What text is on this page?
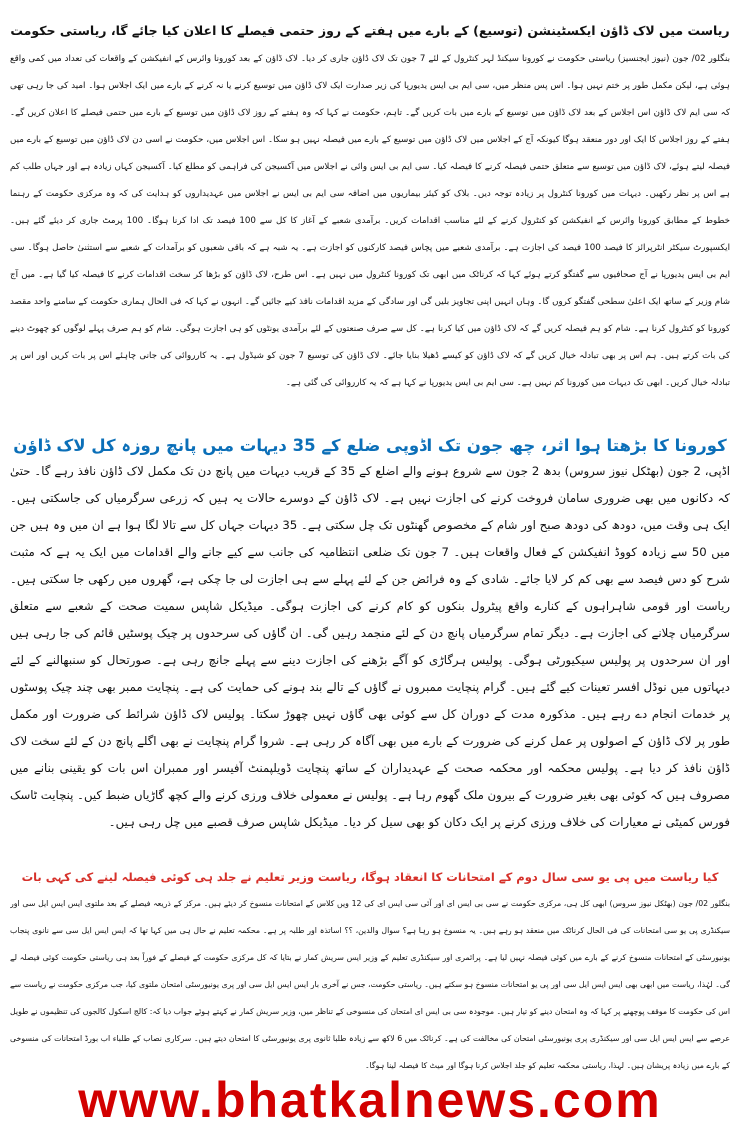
ریاست میں لاک ڈاؤن ایکسٹینشن (توسیع) کے بارے میں ہفتے کے روز حتمی فیصلے کا اعلان کیا جائے گا، ریاستی حکومت

بنگلور 02/ جون (نیوز ایجنسیز) ریاستی حکومت نے کورونا سیکنڈ لہر کنٹرول کے لئے 7 جون تک لاک ڈاؤن جاری کر دیا۔ لاک ڈاؤن کے بعد کورونا وائرس کے انفیکشن کے واقعات کی تعداد میں کمی واقع ہوئی ہے، لیکن مکمل طور پر ختم نہیں ہوا۔ اس پس منظر میں، سی ایم بی ایس یدیورپا کی زیر صدارت ایک لاک ڈاؤن میں توسیع کرنے یا نہ کرنے کے بارے میں ایک اجلاس ہوا۔ امید کی جا رہی تھی کہ سی ایم لاک ڈاؤن اس اجلاس کے بعد لاک ڈاؤن میں توسیع کے بارے میں بات کریں گے۔ تاہم، حکومت نے کہا کہ وہ ہفتے کے روز لاک ڈاؤن میں توسیع کے بارے میں حتمی فیصلے کا اعلان کریں گے۔ ہفتے کے روز اجلاس کا ایک اور دور منعقد ہوگا کیونکہ آج کے اجلاس میں لاک ڈاؤن میں توسیع کے بارے میں فیصلہ نہیں ہو سکا۔ اس اجلاس میں، حکومت نے اسی دن لاک ڈاؤن میں توسیع کے بارے میں فیصلہ لیتے ہوئے، لاک ڈاؤن میں توسیع سے متعلق حتمی فیصلہ کرنے کا فیصلہ کیا۔ سی ایم بی ایس وائی نے اجلاس میں آکسیجن کی فراہمی کو مطلع کیا۔ آکسیجن کہاں زیادہ ہے اور جہاں طلب کم ہے اس پر نظر رکھیں۔ دیہات میں کورونا کنٹرول پر زیادہ توجہ دیں۔ بلاک کو کیئر بیماریوں میں اضافہ سی ایم بی ایس نے اجلاس میں عہدیداروں کو ہدایت کی کہ وہ مرکزی حکومت کے رہنما خطوط کے مطابق کورونا وائرس کے انفیکشن کو کنٹرول کرنے کے لئے مناسب اقدامات کریں۔ برآمدی شعبے کے آغاز کا کل سے 100 فیصد تک ادا کرنا ہوگا۔ 100 پرمٹ جاری کر دیئے گئے ہیں۔ ایکسپورٹ سیکٹر انٹرپرائز کا فیصد 100 فیصد کی اجازت ہے۔ برآمدی شعبے میں پچاس فیصد کارکنوں کو اجازت ہے۔ یہ شبہ ہے کہ باقی شعبوں کو برآمدات کے شعبے سے استثنیٰ حاصل ہوگا۔ سی ایم بی ایس یدیورپا نے آج صحافیوں سے گفتگو کرتے ہوئے کہا کہ کرناٹک میں ابھی تک کورونا کنٹرول میں نہیں ہے۔ اس طرح، لاک ڈاؤن کو بڑھا کر سخت اقدامات کرنے کا فیصلہ کیا گیا ہے۔ میں آج شام وزیر کے ساتھ ایک اعلیٰ سطحی گفتگو کروں گا۔ وہاں انہیں اپنی تجاویز بلیں گی اور سادگی کے مزید اقدامات نافذ کیے جائیں گے۔ انہوں نے کہا کہ فی الحال ہماری حکومت کے سامنے واحد مقصد کورونا کو کنٹرول کرنا ہے۔ شام کو ہم فیصلہ کریں گے کہ لاک ڈاؤن میں کیا کرنا ہے۔ کل سے صرف صنعتوں کے لئے برآمدی یونٹوں کو ہی اجازت ہوگی۔ شام کو ہم صرف پہلے لوگوں کو چھوٹ دینے کی بات کرتے ہیں۔ ہم اس پر بھی تبادلہ خیال کریں گے کہ لاک ڈاؤن کو کیسے ڈھیلا بنایا جائے۔ لاک ڈاؤن کی توسیع 7 جون کو شیڈول ہے۔ یہ کارروائی کی جانی چاہئے اس پر بات کریں اور اس پر تبادلہ خیال کریں۔ ابھی تک دیہات میں کورونا کم نہیں ہے۔ سی ایم بی ایس یدیورپا نے کہا ہے کہ یہ کارروائی کی گئی ہے۔

کورونا کا بڑھتا ہوا اثر، چھ جون تک اڈوپی ضلع کے 35 دیہات میں پانچ روزہ کل لاک ڈاؤن

اڈپی، 2 جون (بھٹکل نیوز سروس) بدھ 2 جون سے شروع ہونے والے اضلع کے 35 کے قریب دیہات میں پانچ دن تک مکمل لاک ڈاؤن نافذ رہے گا۔ حتیٰ کہ دکانوں میں بھی ضروری سامان فروخت کرنے کی اجازت نہیں ہے۔ لاک ڈاؤن کے دوسرے حالات یہ ہیں کہ زرعی سرگرمیاں کی جاسکتی ہیں۔ ایک ہی وقت میں، دودھ کی دودھ صبح اور شام کے مخصوص گھنٹوں تک چل سکتی ہے۔ 35 دیہات جہاں کل سے تالا لگا ہوا ہے ان میں وہ ہیں جن میں 50 سے زیادہ کووڈ انفیکشن کے فعال واقعات ہیں۔ 7 جون تک ضلعی انتظامیہ کی جانب سے کیے جانے والے اقدامات میں ایک یہ ہے کہ مثبت شرح کو دس فیصد سے بھی کم کر لایا جائے۔ شادی کے وہ فرائض جن کے لئے پہلے سے ہی اجازت لی جا چکی ہے، گھروں میں رکھی جا سکتی ہیں۔ ریاست اور قومی شاہراہوں کے کنارے واقع پیٹرول بنکوں کو کام کرنے کی اجازت ہوگی۔ میڈیکل شاپس سمیت صحت کے شعبے سے متعلق سرگرمیاں چلانے کی اجازت ہے۔ دیگر تمام سرگرمیاں پانچ دن کے لئے منجمد رہیں گی۔ ان گاؤں کی سرحدوں پر چیک پوسٹیں قائم کی جا رہی ہیں اور ان سرحدوں پر پولیس سیکیورٹی ہوگی۔ پولیس ہرگاڑی کو آگے بڑھنے کی اجازت دینے سے پہلے جانچ رہی ہے۔ صورتحال کو سنبھالنے کے لئے دیہاتوں میں نوڈل افسر تعینات کیے گئے ہیں۔ گرام پنچایت ممبروں نے گاؤں کے تالے بند ہونے کی حمایت کی ہے۔ پنچایت ممبر بھی چند چیک پوسٹوں پر خدمات انجام دے رہے ہیں۔ مذکورہ مدت کے دوران کل سے کوئی بھی گاؤں نہیں چھوڑ سکتا۔ پولیس لاک ڈاؤن شرائط کی ضرورت اور مکمل طور پر لاک ڈاؤن کے اصولوں پر عمل کرنے کی ضرورت کے بارے میں بھی آگاہ کر رہی ہے۔ شروا گرام پنچایت نے بھی اگلے پانچ دن کے لئے سخت لاک ڈاؤن نافذ کر دیا ہے۔ پولیس محکمہ اور محکمہ صحت کے عہدیداران کے ساتھ پنچایت ڈویلپمنٹ آفیسر اور ممبران اس بات کو یقینی بنانے میں مصروف ہیں کہ کوئی بھی بغیر ضرورت کے بیرون ملک گھوم رہا ہے۔ پولیس نے معمولی خلاف ورزی کرنے والے کچھ گاڑیاں ضبط کیں۔ پنچایت ٹاسک فورس کمیٹی نے معیارات کی خلاف ورزی کرنے پر ایک دکان کو بھی سیل کر دیا۔ میڈیکل شاپس صرف قصبے میں چل رہی ہیں۔

کیا ریاست میں پی یو سی سال دوم کے امتحانات کا انعقاد ہوگا، ریاست وزیر تعلیم نے جلد ہی کوئی فیصلہ لینے کی کہی بات

بنگلور 02/ جون (بھٹکل نیوز سروس) ابھی کل ہی، مرکزی حکومت نے سی بی ایس ای اور آئی سی ایس ای کی 12 ویں کلاس کے امتحانات منسوخ کر دیئے ہیں۔ مرکز کے ذریعہ فیصلے کے بعد ملتوی ایس ایس ایل سی اور سیکنڈری پی یو سی امتحانات کی فی الحال کرناٹک میں منعقد ہو رہے ہیں۔ یہ منسوخ ہو رہا ہے؟ سوال والدین، ؟؟ اساتذہ اور طلبہ پر ہے۔ محکمہ تعلیم نے حال ہی میں کہا تھا کہ ایس ایس ایل سی سے نانوی پنجاب یونیورسٹی کے امتحانات منسوخ کرنے کے بارے میں کوئی فیصلہ نہیں لیا ہے۔ پرائمری اور سیکنڈری تعلیم کے وزیر ایس سریش کمار نے بتایا کہ کل مرکزی حکومت کے فیصلے کے فوراً بعد ہی ریاستی حکومت کوئی فیصلہ لے گی۔ لہٰذا، ریاست میں ابھی بھی ایس ایس ایل سی اور پی یو امتحانات منسوخ ہو سکتے ہیں۔ ریاستی حکومت، جس نے آخری بار ایس ایس ایل سی اور پری یونیورسٹی امتحان ملتوی کیا، جب مرکزی حکومت نے ریاست سے اس کی حکومت کا موقف پوچھنے پر کہا کہ وہ امتحان دینے کو تیار ہیں۔ موجودہ سی بی ایس ای امتحان کی منسوخی کے تناظر میں، وزیر سریش کمار نے کہتے ہوئے جواب دیا کہ: کالج اسکول کالجوں کی تنظیموں نے طویل عرصے سے ایس ایس ایل سی اور سیکنڈری پری یونیورسٹی امتحان کی مخالفت کی ہے۔ کرناٹک میں 6 لاکھ سے زیادہ طلبا ثانوی پری یونیورسٹی کا امتحان دیتے ہیں۔ سرکاری نصاب کے طلباء اب بورڈ امتحانات کی منسوخی کے بارے میں زیادہ پریشان ہیں۔ لہذا، ریاستی محکمہ تعلیم کو جلد اجلاس کرنا ہوگا اور میٹ کا فیصلہ لینا ہوگا۔

www.bhatkalnews.com
